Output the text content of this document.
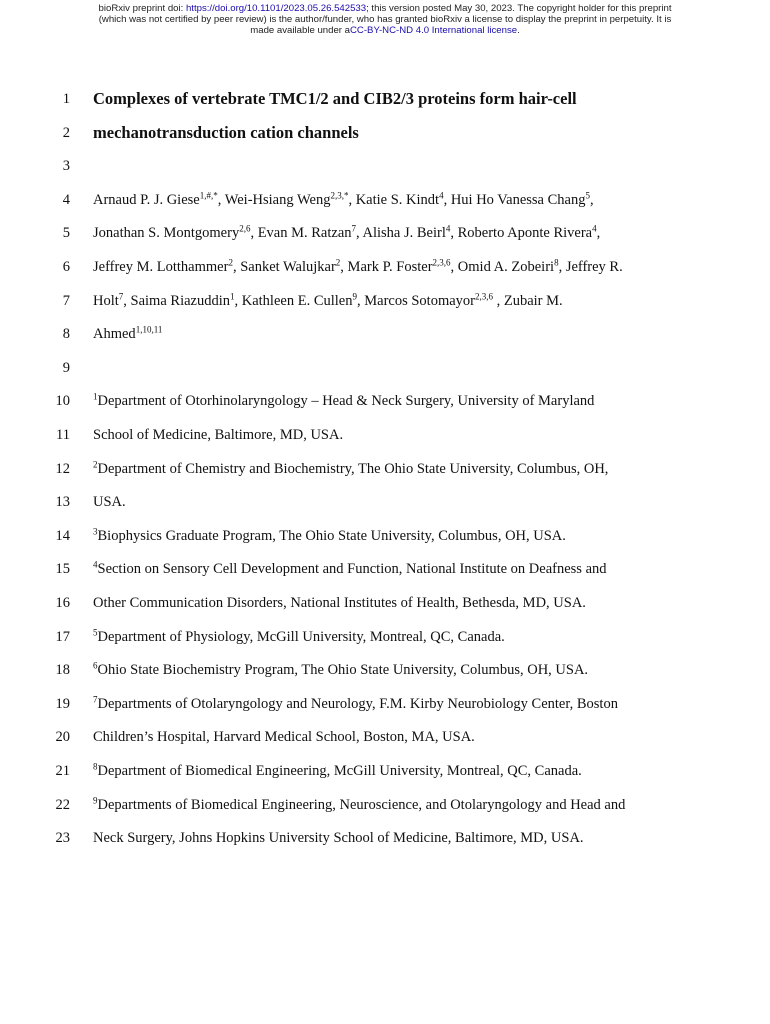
bioRxiv preprint doi: https://doi.org/10.1101/2023.05.26.542533; this version posted May 30, 2023. The copyright holder for this preprint
(which was not certified by peer review) is the author/funder, who has granted bioRxiv a license to display the preprint in perpetuity. It is
made available under aCC-BY-NC-ND 4.0 International license.
1 Complexes of vertebrate TMC1/2 and CIB2/3 proteins form hair-cell
2 mechanotransduction cation channels
3
4 Arnaud P. J. Giese$^{1,\#,*}$, Wei-Hsiang Weng$^{2,3,*}$, Katie S. Kindt$^4$, Hui Ho Vanessa Chang$^5$,
5 Jonathan S. Montgomery$^{2,6}$, Evan M. Ratzan$^7$, Alisha J. Beirl$^4$, Roberto Aponte Rivera$^4$,
6 Jeffrey M. Lotthammer$^2$, Sanket Walujkar$^2$, Mark P. Foster$^{2,3,6}$, Omid A. Zobeiri$^8$, Jeffrey R.
7 Holt$^7$, Saima Riazuddin$^1$, Kathleen E. Cullen$^9$, Marcos Sotomayor$^{2,3,6}$ , Zubair M.
8 Ahmed$^{1,10,11}$
9
10	$^1$Department of Otorhinolaryngology – Head & Neck Surgery, University of Maryland
11 School of Medicine, Baltimore, MD, USA.
12	$^2$Department of Chemistry and Biochemistry, The Ohio State University, Columbus, OH,
13 USA.
14	$^3$Biophysics Graduate Program, The Ohio State University, Columbus, OH, USA.
15	$^4$Section on Sensory Cell Development and Function, National Institute on Deafness and
16 Other Communication Disorders, National Institutes of Health, Bethesda, MD, USA.
17	$^5$Department of Physiology, McGill University, Montreal, QC, Canada.
18	$^6$Ohio State Biochemistry Program, The Ohio State University, Columbus, OH, USA.
19	$^7$Departments of Otolaryngology and Neurology, F.M. Kirby Neurobiology Center, Boston
20 Children’s Hospital, Harvard Medical School, Boston, MA, USA.
21	$^8$Department of Biomedical Engineering, McGill University, Montreal, QC, Canada.
22	$^9$Departments of Biomedical Engineering, Neuroscience, and Otolaryngology and Head and
23 Neck Surgery, Johns Hopkins University School of Medicine, Baltimore, MD, USA.
